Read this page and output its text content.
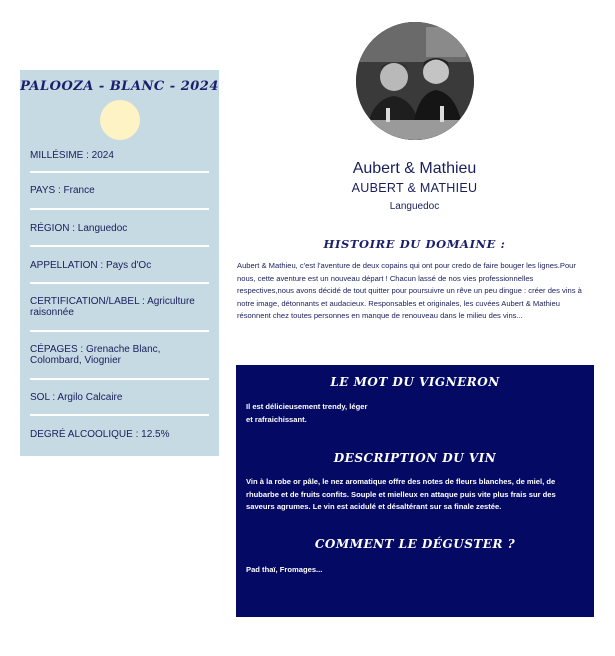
PALOOZA - BLANC - 2024
MILLÉSIME : 2024
PAYS : France
RÉGION : Languedoc
APPELLATION : Pays d'Oc
CERTIFICATION/LABEL : Agriculture raisonnée
CÉPAGES : Grenache Blanc, Colombard, Viognier
SOL : Argilo Calcaire
DEGRÉ ALCOOLIQUE : 12.5%
Aubert & Mathieu
AUBERT & MATHIEU
Languedoc
HISTOIRE DU DOMAINE :

Aubert & Mathieu, c'est l'aventure de deux copains qui ont pour credo de faire bouger les lignes.Pour nous, cette aventure est un nouveau départ ! Chacun lassé de nos vies professionnelles respectives,nous avons décidé de tout quitter pour poursuivre un rêve un peu dingue : créer des vins à notre image, détonnants et audacieux. Responsables et originales, les cuvées Aubert & Mathieu résonnent chez toutes personnes en manque de renouveau dans le milieu des vins...

LE MOT DU VIGNERON

Il est délicieusement trendy, léger
et rafraichissant.

DESCRIPTION DU VIN

Vin à la robe or pâle, le nez aromatique offre des notes de fleurs blanches, de miel, de rhubarbe et de fruits confits. Souple et mielleux en attaque puis vite plus frais sur des saveurs agrumes. Le vin est acidulé et désaltérant sur sa finale zestée.

COMMENT LE DÉGUSTER ?

Pad thaï, Fromages...
